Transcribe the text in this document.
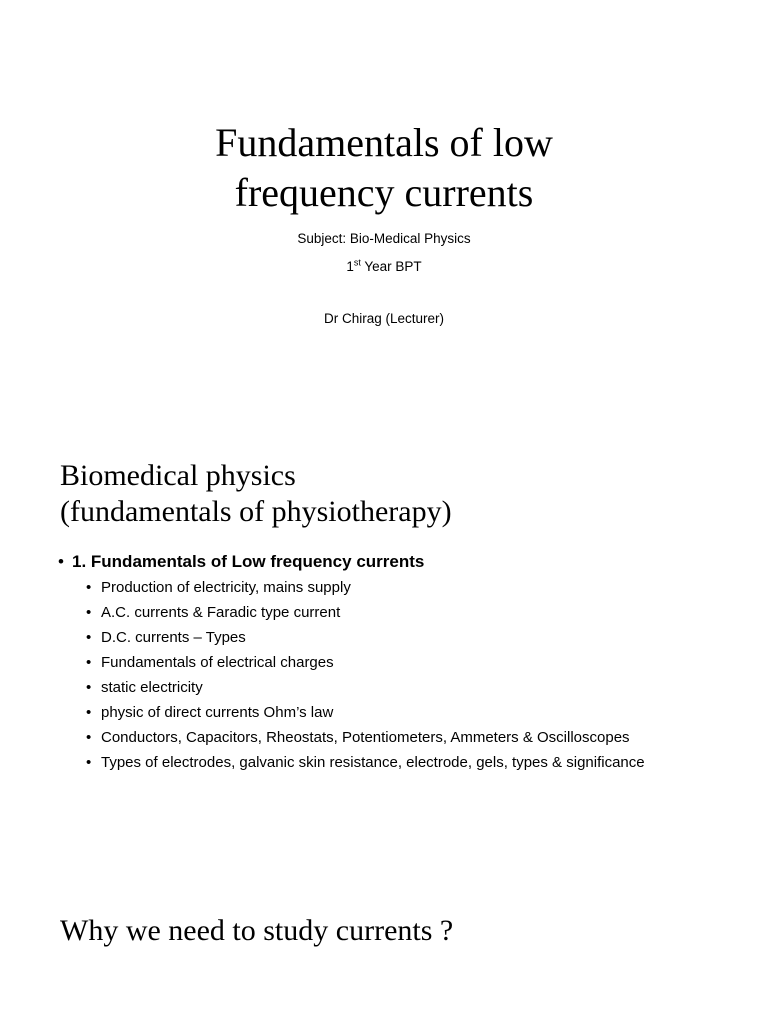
Fundamentals of low
frequency currents
Subject: Bio-Medical Physics
1st Year BPT
Dr Chirag (Lecturer)
Biomedical physics
(fundamentals of physiotherapy)
• 1. Fundamentals of Low frequency currents
• Production of electricity, mains supply
• A.C. currents & Faradic type current
• D.C. currents – Types
• Fundamentals of electrical charges
• static electricity
• physic of direct currents Ohm’s law
• Conductors, Capacitors, Rheostats, Potentiometers, Ammeters & Oscilloscopes
• Types of electrodes, galvanic skin resistance, electrode, gels, types & significance
Why we need to study currents ?
